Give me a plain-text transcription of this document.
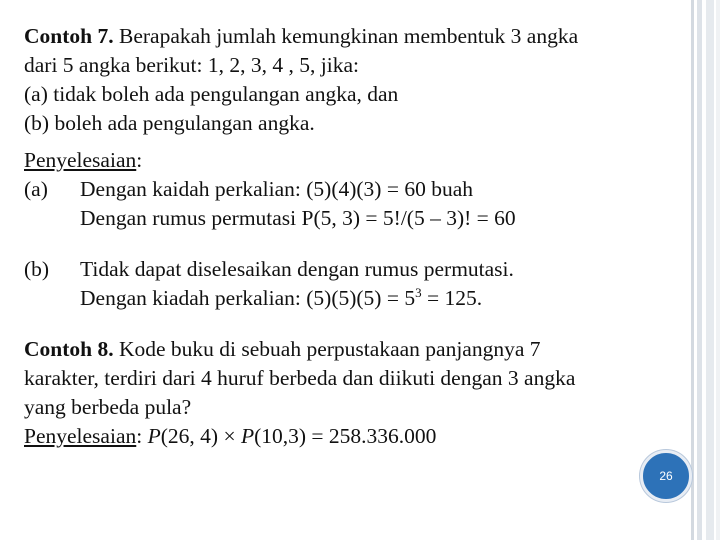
Contoh 7. Berapakah jumlah kemungkinan membentuk 3 angka
dari 5 angka berikut: 1, 2, 3, 4 , 5, jika:
(a) tidak boleh ada pengulangan angka, dan
(b) boleh ada pengulangan angka.
Penyelesaian:
(a)	Dengan kaidah perkalian: (5)(4)(3) = 60 buah
Dengan rumus permutasi P(5, 3) = 5!/(5 – 3)! = 60
(b)	Tidak dapat diselesaikan dengan rumus permutasi.
Dengan kiadah perkalian: $(5)(5)(5) = 5^3 = 125$.
Contoh 8. Kode buku di sebuah perpustakaan panjangnya 7
karakter, terdiri dari 4 huruf berbeda dan diikuti dengan 3 angka
yang berbeda pula?
Penyelesaian: P(26, 4) × P(10,3) = 258.336.000
26
